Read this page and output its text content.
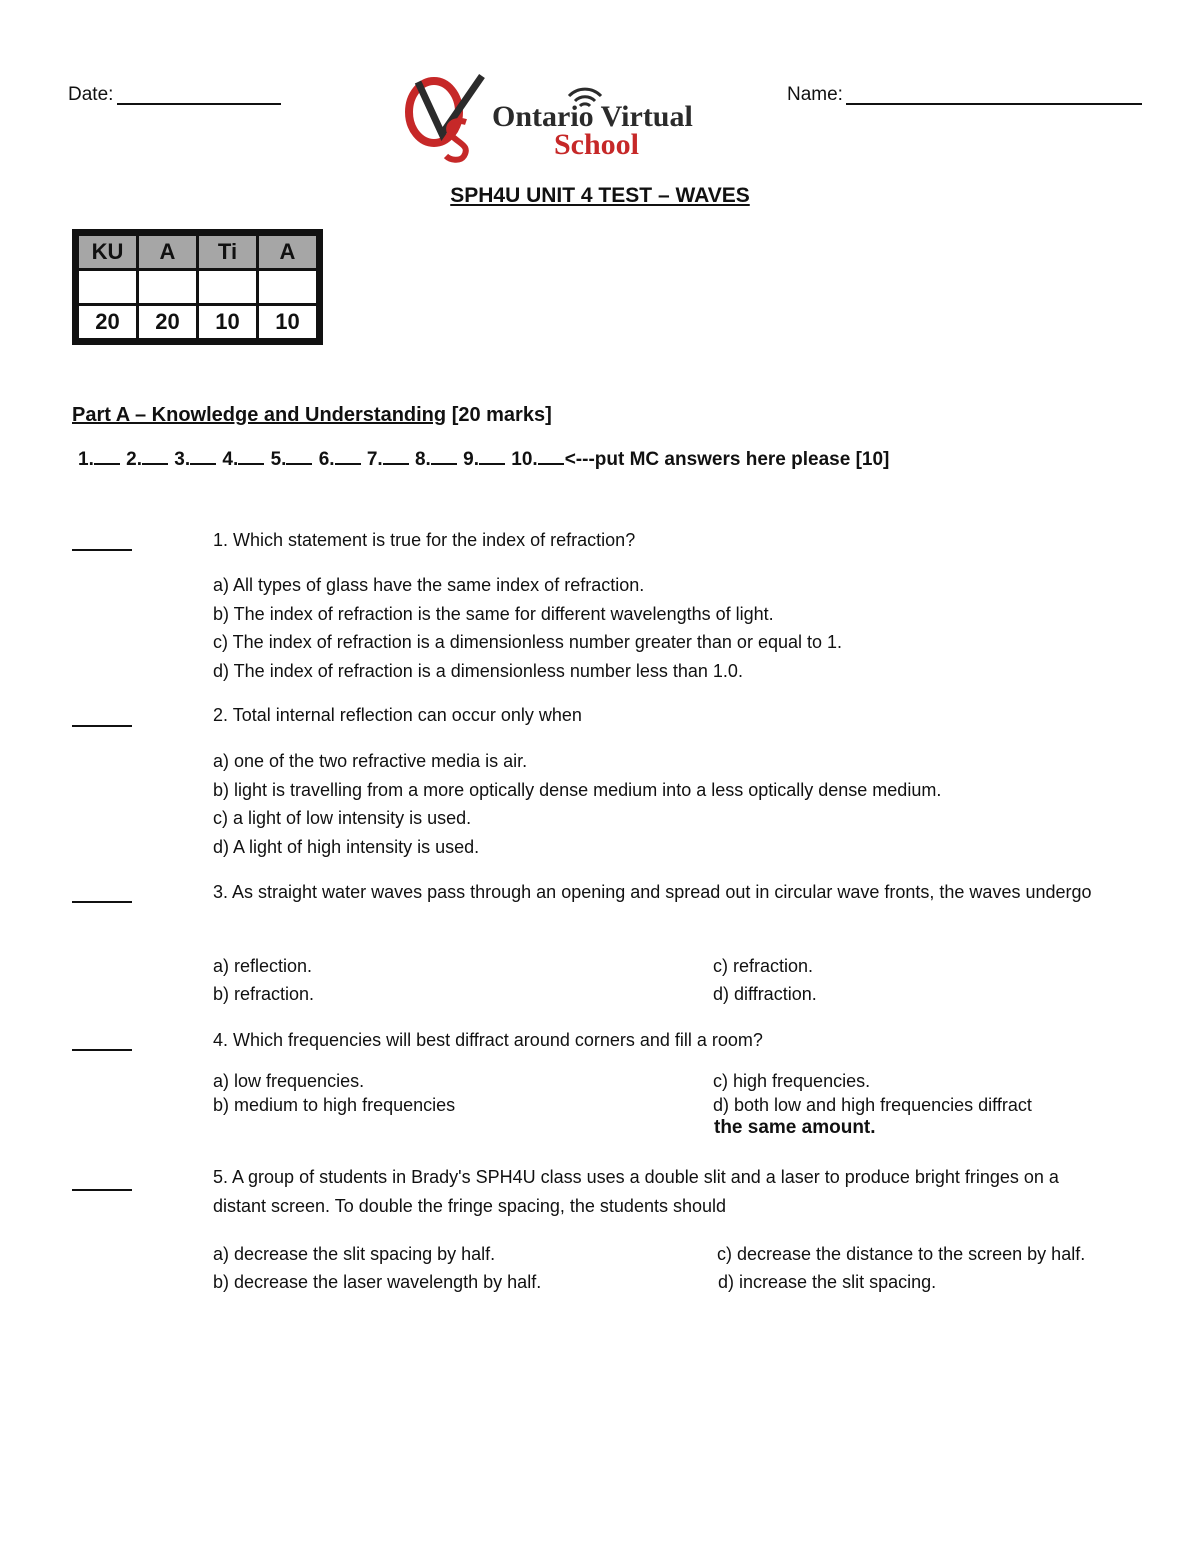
Date:	Name:
Ontario Virtual
School
SPH4U UNIT 4 TEST – WAVES
KU	A	Ti	A

20	20	10	10
Part A – Knowledge and Understanding [20 marks]
1. 2. 3. 4. 5. 6. 7. 8. 9. 10. <---put MC answers here please [10]
1. Which statement is true for the index of refraction?
a) All types of glass have the same index of refraction.
b) The index of refraction is the same for different wavelengths of light.
c) The index of refraction is a dimensionless number greater than or equal to 1.
d) The index of refraction is a dimensionless number less than 1.0.
2. Total internal reflection can occur only when
a) one of the two refractive media is air.
b) light is travelling from a more optically dense medium into a less optically dense medium.
c) a light of low intensity is used.
d) A light of high intensity is used.
3. As straight water waves pass through an opening and spread out in circular wave fronts, the waves undergo
a) reflection.
b) refraction.
c) refraction.
d) diffraction.
4. Which frequencies will best diffract around corners and fill a room?
a) low frequencies.
b) medium to high frequencies
c) high frequencies.
d) both low and high frequencies diffract
the same amount.
5. A group of students in Brady's SPH4U class uses a double slit and a laser to produce bright fringes on a distant screen. To double the fringe spacing, the students should
a) decrease the slit spacing by half.
b) decrease the laser wavelength by half.
c) decrease the distance to the screen by half.
d) increase the slit spacing.
